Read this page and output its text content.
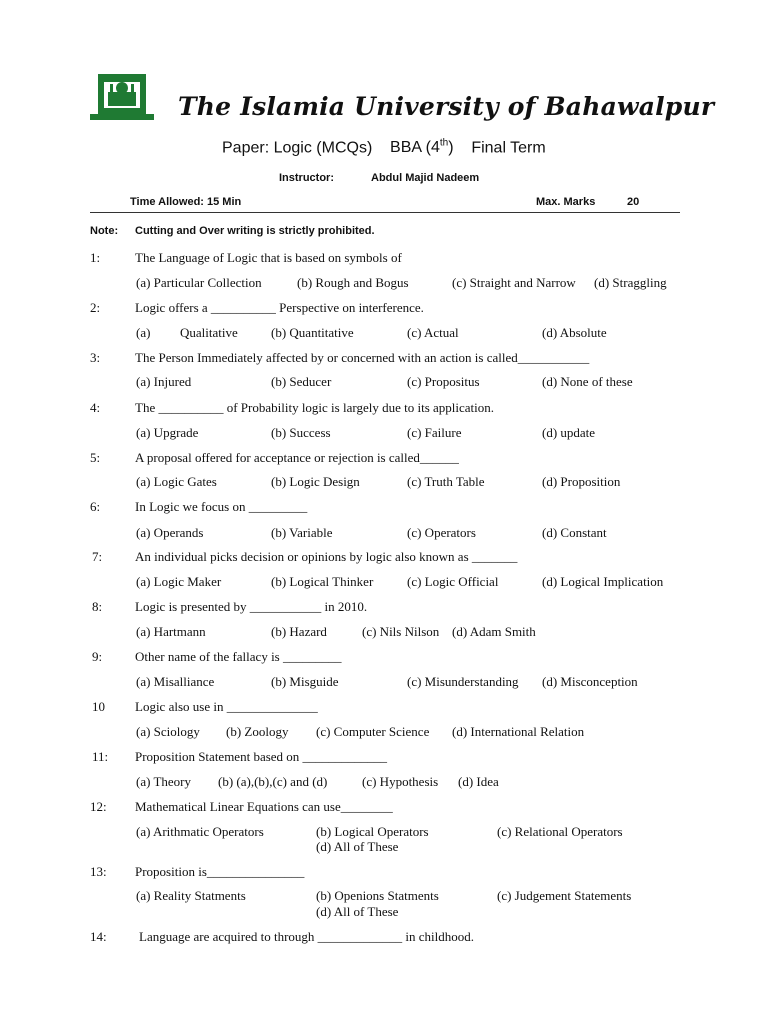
The Islamia University of Bahawalpur
Paper: Logic (MCQs) BBA (4th) Final Term
Instructor:	Abdul Majid Nadeem
Time Allowed: 15 Min	Max. Marks	20
Note: Cutting and Over writing is strictly prohibited.
1:	The Language of Logic that is based on symbols of
(a) Particular Collection	(b) Rough and Bogus	(c) Straight and Narrow (d) Straggling
2:	Logic offers a __________ Perspective on interference.
(a) Qualitative	(b) Quantitative	(c) Actual	(d) Absolute
3:	The Person Immediately affected by or concerned with an action is called___________
(a) Injured	(b) Seducer	(c) Propositus	(d) None of these
4:	The __________ of Probability logic is largely due to its application.
(a) Upgrade	(b) Success	(c) Failure	(d) update
5:	A proposal offered for acceptance or rejection is called______
(a) Logic Gates	(b) Logic Design	(c) Truth Table	(d) Proposition
6:	In Logic we focus on _________
(a) Operands	(b) Variable	(c) Operators	(d) Constant
7:	An individual picks decision or opinions by logic also known as _______
(a) Logic Maker	(b) Logical Thinker	(c) Logic Official	(d) Logical Implication
8:	Logic is presented by ___________ in 2010.
(a) Hartmann	(b) Hazard	(c) Nils Nilson (d) Adam Smith
9:	Other name of the fallacy is _________
(a) Misalliance	(b) Misguide	(c) Misunderstanding (d) Misconception
10 Logic also use in ______________
(a) Sciology (b) Zoology (c) Computer Science (d) International Relation
11: Proposition Statement based on _____________
(a) Theory (b) (a),(b),(c) and (d)	(c) Hypothesis (d) Idea
12: Mathematical Linear Equations can use________
(a) Arithmatic Operators	(b) Logical Operators	(c) Relational Operators
(d) All of These
13: Proposition is_______________
(a) Reality Statments	(b) Openions Statments	(c) Judgement Statements
(d) All of These
14: Language are acquired to through _____________ in childhood.
